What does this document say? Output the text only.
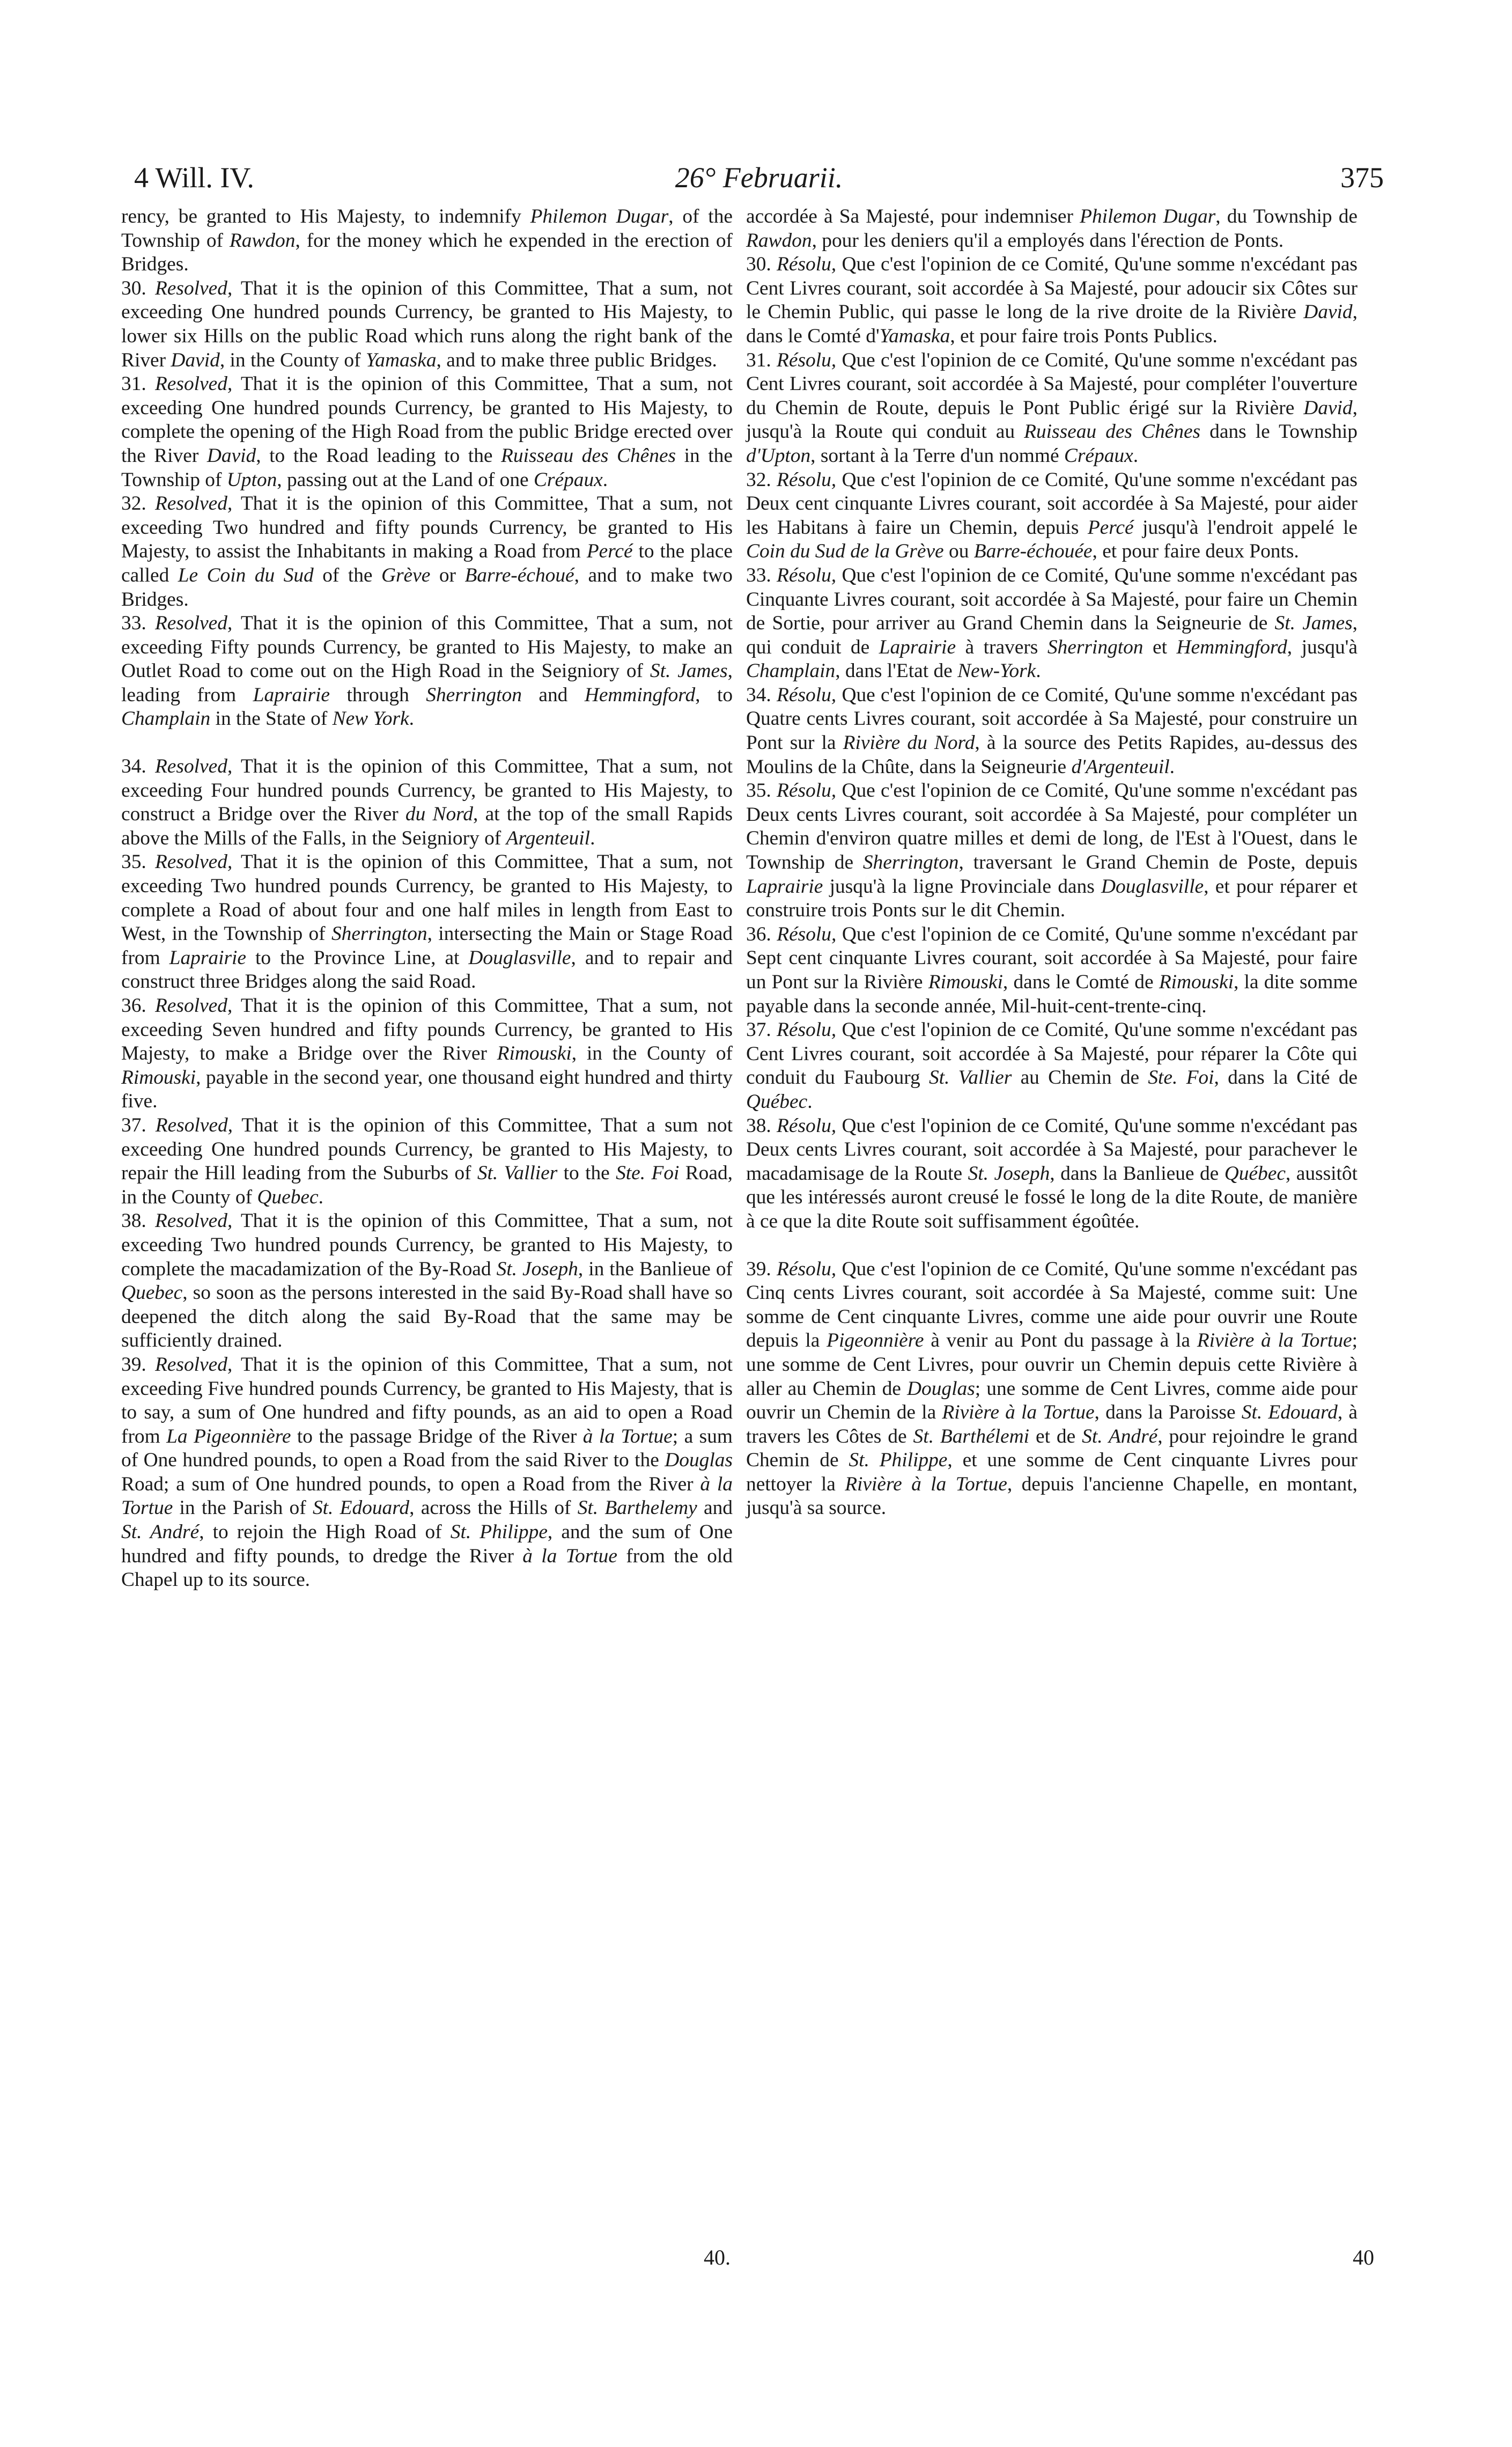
4 Will. IV.	26° Februarii.	375

rency, be granted to His Majesty, to indemnify Philemon Dugar, of the Township of Rawdon, for the money which he expended in the erection of Bridges.

30. Resolved, That it is the opinion of this Committee, That a sum, not exceeding One hundred pounds Currency, be granted to His Majesty, to lower six Hills on the public Road which runs along the right bank of the River David, in the County of Yamaska, and to make three public Bridges.

31. Resolved, That it is the opinion of this Committee, That a sum, not exceeding One hundred pounds Currency, be granted to His Majesty, to complete the opening of the High Road from the public Bridge erected over the River David, to the Road leading to the Ruisseau des Chênes in the Township of Upton, passing out at the Land of one Crépaux.

32. Resolved, That it is the opinion of this Committee, That a sum, not exceeding Two hundred and fifty pounds Currency, be granted to His Majesty, to assist the Inhabitants in making a Road from Percé to the place called Le Coin du Sud of the Grève or Barre-échoué, and to make two Bridges.

33. Resolved, That it is the opinion of this Committee, That a sum, not exceeding Fifty pounds Currency, be granted to His Majesty, to make an Outlet Road to come out on the High Road in the Seigniory of St. James, leading from Laprairie through Sherrington and Hemmingford, to Champlain in the State of New York.

34. Resolved, That it is the opinion of this Committee, That a sum, not exceeding Four hundred pounds Currency, be granted to His Majesty, to construct a Bridge over the River du Nord, at the top of the small Rapids above the Mills of the Falls, in the Seigniory of Argenteuil.

35. Resolved, That it is the opinion of this Committee, That a sum, not exceeding Two hundred pounds Currency, be granted to His Majesty, to complete a Road of about four and one half miles in length from East to West, in the Township of Sherrington, intersecting the Main or Stage Road from Laprairie to the Province Line, at Douglasville, and to repair and construct three Bridges along the said Road.

36. Resolved, That it is the opinion of this Committee, That a sum, not exceeding Seven hundred and fifty pounds Currency, be granted to His Majesty, to make a Bridge over the River Rimouski, in the County of Rimouski, payable in the second year, one thousand eight hundred and thirty five.

37. Resolved, That it is the opinion of this Committee, That a sum not exceeding One hundred pounds Currency, be granted to His Majesty, to repair the Hill leading from the Suburbs of St. Vallier to the Ste. Foi Road, in the County of Quebec.

38. Resolved, That it is the opinion of this Committee, That a sum, not exceeding Two hundred pounds Currency, be granted to His Majesty, to complete the macadamization of the By-Road St. Joseph, in the Banlieue of Quebec, so soon as the persons interested in the said By-Road shall have so deepened the ditch along the said By-Road that the same may be sufficiently drained.

39. Resolved, That it is the opinion of this Committee, That a sum, not exceeding Five hundred pounds Currency, be granted to His Majesty, that is to say, a sum of One hundred and fifty pounds, as an aid to open a Road from La Pigeonnière to the passage Bridge of the River à la Tortue; a sum of One hundred pounds, to open a Road from the said River to the Douglas Road; a sum of One hundred pounds, to open a Road from the River à la Tortue in the Parish of St. Edouard, across the Hills of St. Barthelemy and St. André, to rejoin the High Road of St. Philippe, and the sum of One hundred and fifty pounds, to dredge the River à la Tortue from the old Chapel up to its source.

accordée à Sa Majesté, pour indemniser Philemon Dugar, du Township de Rawdon, pour les deniers qu'il a employés dans l'érection de Ponts.

30. Résolu, Que c'est l'opinion de ce Comité, Qu'une somme n'excédant pas Cent Livres courant, soit accordée à Sa Majesté, pour adoucir six Côtes sur le Chemin Public, qui passe le long de la rive droite de la Rivière David, dans le Comté d'Yamaska, et pour faire trois Ponts Publics.

31. Résolu, Que c'est l'opinion de ce Comité, Qu'une somme n'excédant pas Cent Livres courant, soit accordée à Sa Majesté, pour compléter l'ouverture du Chemin de Route, depuis le Pont Public érigé sur la Rivière David, jusqu'à la Route qui conduit au Ruisseau des Chênes dans le Township d'Upton, sortant à la Terre d'un nommé Crépaux.

32. Résolu, Que c'est l'opinion de ce Comité, Qu'une somme n'excédant pas Deux cent cinquante Livres courant, soit accordée à Sa Majesté, pour aider les Habitans à faire un Chemin, depuis Percé jusqu'à l'endroit appelé le Coin du Sud de la Grève ou Barre-échouée, et pour faire deux Ponts.

33. Résolu, Que c'est l'opinion de ce Comité, Qu'une somme n'excédant pas Cinquante Livres courant, soit accordée à Sa Majesté, pour faire un Chemin de Sortie, pour arriver au Grand Chemin dans la Seigneurie de St. James, qui conduit de Laprairie à travers Sherrington et Hemmingford, jusqu'à Champlain, dans l'Etat de New-York.

34. Résolu, Que c'est l'opinion de ce Comité, Qu'une somme n'excédant pas Quatre cents Livres courant, soit accordée à Sa Majesté, pour construire un Pont sur la Rivière du Nord, à la source des Petits Rapides, au-dessus des Moulins de la Chûte, dans la Seigneurie d'Argenteuil.

35. Résolu, Que c'est l'opinion de ce Comité, Qu'une somme n'excédant pas Deux cents Livres courant, soit accordée à Sa Majesté, pour compléter un Chemin d'environ quatre milles et demi de long, de l'Est à l'Ouest, dans le Township de Sherrington, traversant le Grand Chemin de Poste, depuis Laprairie jusqu'à la ligne Provinciale dans Douglasville, et pour réparer et construire trois Ponts sur le dit Chemin.

36. Résolu, Que c'est l'opinion de ce Comité, Qu'une somme n'excédant par Sept cent cinquante Livres courant, soit accordée à Sa Majesté, pour faire un Pont sur la Rivière Rimouski, dans le Comté de Rimouski, la dite somme payable dans la seconde année, Mil-huit-cent-trente-cinq.

37. Résolu, Que c'est l'opinion de ce Comité, Qu'une somme n'excédant pas Cent Livres courant, soit accordée à Sa Majesté, pour réparer la Côte qui conduit du Faubourg St. Vallier au Chemin de Ste. Foi, dans la Cité de Québec.

38. Résolu, Que c'est l'opinion de ce Comité, Qu'une somme n'excédant pas Deux cents Livres courant, soit accordée à Sa Majesté, pour parachever le macadamisage de la Route St. Joseph, dans la Banlieue de Québec, aussitôt que les intéressés auront creusé le fossé le long de la dite Route, de manière à ce que la dite Route soit suffisamment égoûtée.

39. Résolu, Que c'est l'opinion de ce Comité, Qu'une somme n'excédant pas Cinq cents Livres courant, soit accordée à Sa Majesté, comme suit: Une somme de Cent cinquante Livres, comme une aide pour ouvrir une Route depuis la Pigeonnière à venir au Pont du passage à la Rivière à la Tortue; une somme de Cent Livres, pour ouvrir un Chemin depuis cette Rivière à aller au Chemin de Douglas; une somme de Cent Livres, comme aide pour ouvrir un Chemin de la Rivière à la Tortue, dans la Paroisse St. Edouard, à travers les Côtes de St. Barthélemi et de St. André, pour rejoindre le grand Chemin de St. Philippe, et une somme de Cent cinquante Livres pour nettoyer la Rivière à la Tortue, depuis l'ancienne Chapelle, en montant, jusqu'à sa source.

40.	40
